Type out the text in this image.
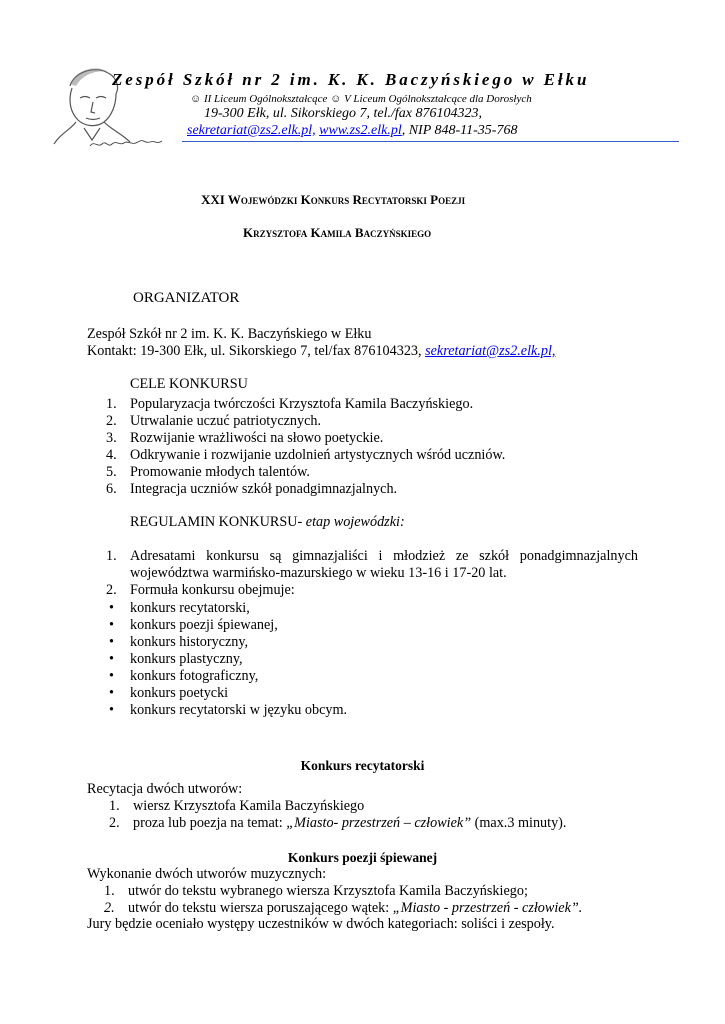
Zespół Szkół nr 2 im. K. K. Baczyńskiego w Ełku
☺ II Liceum Ogólnokształcące ☺ V Liceum Ogólnokształcące dla Dorosłych
19-300 Ełk, ul. Sikorskiego 7, tel./fax 876104323,
sekretariat@zs2.elk.pl, www.zs2.elk.pl, NIP 848-11-35-768
XXI Wojewódzki Konkurs Recytatorski Poezji
Krzysztofa Kamila Baczyńskiego
ORGANIZATOR
Zespół Szkół nr 2 im. K. K. Baczyński﻿ego w Ełku
Kontakt: 19-300 Ełk, ul. Sikorskiego 7, tel/fax 876104323, sekretariat@zs2.elk.pl,
CELE KONKURSU
1. Popularyzacja twórczości Krzysztofa Kamila Baczyńskiego.
2. Utrwalanie uczuć patriotycznych.
3. Rozwijanie wrażliwości na słowo poetyckie.
4. Odkrywanie i rozwijanie uzdolnień artystycznych wśród uczniów.
5. Promowanie młodych talentów.
6. Integracja uczniów szkół ponadgimnazjalnych.
REGULAMIN KONKURSU- etap wojewódzki:
1. Adresatami konkursu są gimnazjaliści i młodzież ze szkół ponadgimnazjalnych
województwa warmińsko-mazurskiego w wieku 13-16 i 17-20 lat.
2. Formuła konkursu obejmuje:
• konkurs recytatorski,
• konkurs poezji śpiewanej,
• konkurs historyczny,
• konkurs plastyczny,
• konkurs fotograficzny,
• konkurs poetycki
• konkurs recytatorski w języku obcym.
Konkurs recytatorski
Recytacja dwóch utworów:
1. wiersz Krzysztofa Kamila Baczyńskiego
2. proza lub poezja na temat: „Miasto- przestrzeń – człowiek” (max.3 minuty).
Konkurs poezji śpiewanej
Wykonanie dwóch utworów muzycznych:
1. utwór do tekstu wybranego wiersza Krzysztofa Kamila Baczyńskiego;
2. utwór do tekstu wiersza poruszającego wątek: „Miasto - przestrzeń - człowiek”.
Jury będzie oceniało występy uczestników w dwóch kategoriach: soliści i zespoły.
